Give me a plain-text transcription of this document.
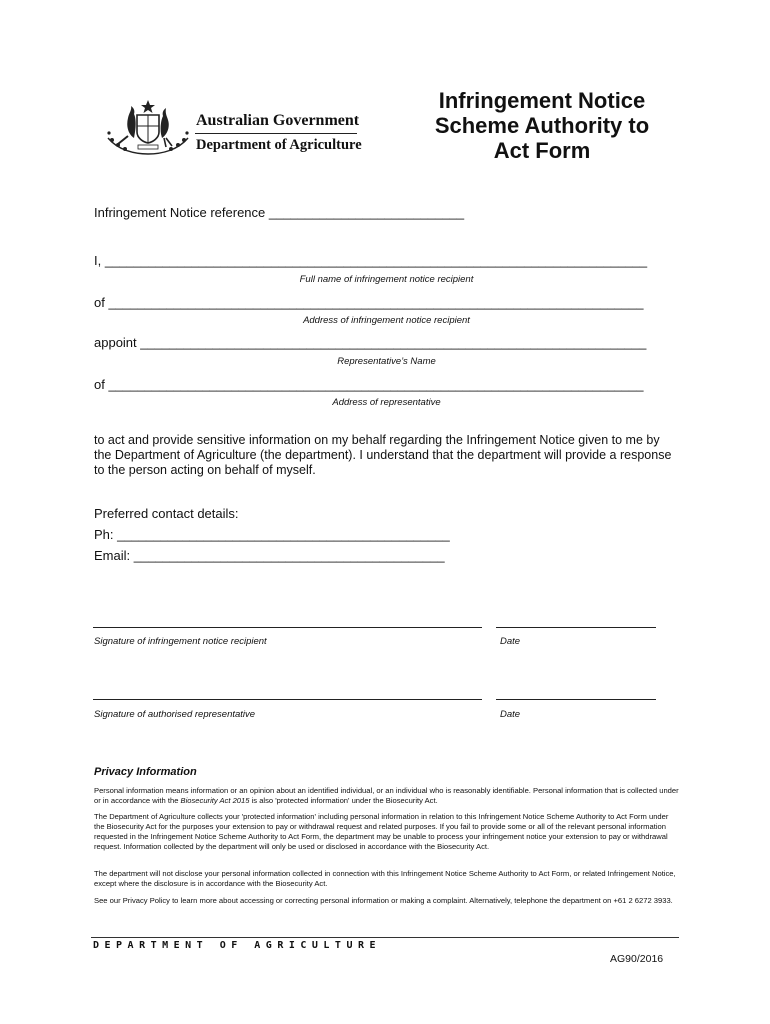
Australian Government
Department of Agriculture
Infringement Notice
Scheme Authority to
Act Form
Infringement Notice reference ___________________________
I, ___________________________________________________________________________
Full name of infringement notice recipient
of __________________________________________________________________________
Address of infringement notice recipient
appoint ______________________________________________________________________
Representative’s Name
of __________________________________________________________________________
Address of representative
to act and provide sensitive information on my behalf regarding the Infringement Notice given to me by the Department of Agriculture (the department). I understand that the department will provide a response to the person acting on behalf of myself.
Preferred contact details:
Ph: ______________________________________________
Email: ___________________________________________
Signature of infringement notice recipient	Date
Signature of authorised representative	Date
Privacy Information
Personal information means information or an opinion about an identified individual, or an individual who is reasonably identifiable. Personal information that is collected under or in accordance with the Biosecurity Act 2015 is also 'protected information' under the Biosecurity Act.
The Department of Agriculture collects your 'protected information' including personal information in relation to this Infringement Notice Scheme Authority to Act Form under the Biosecurity Act for the purposes your extension to pay or withdrawal request and related purposes. If you fail to provide some or all of the relevant personal information requested in the Infringement Notice Scheme Authority to Act Form, the department may be unable to process your infringement notice your extension to pay or withdrawal request. Information collected by the department will only be used or disclosed in accordance with the Biosecurity Act.
The department will not disclose your personal information collected in connection with this Infringement Notice Scheme Authority to Act Form, or related Infringement Notice, except where the disclosure is in accordance with the Biosecurity Act.
See our Privacy Policy to learn more about accessing or correcting personal information or making a complaint. Alternatively, telephone the department on +61 2 6272 3933.
DEPARTMENT OF AGRICULTURE
AG90/2016
